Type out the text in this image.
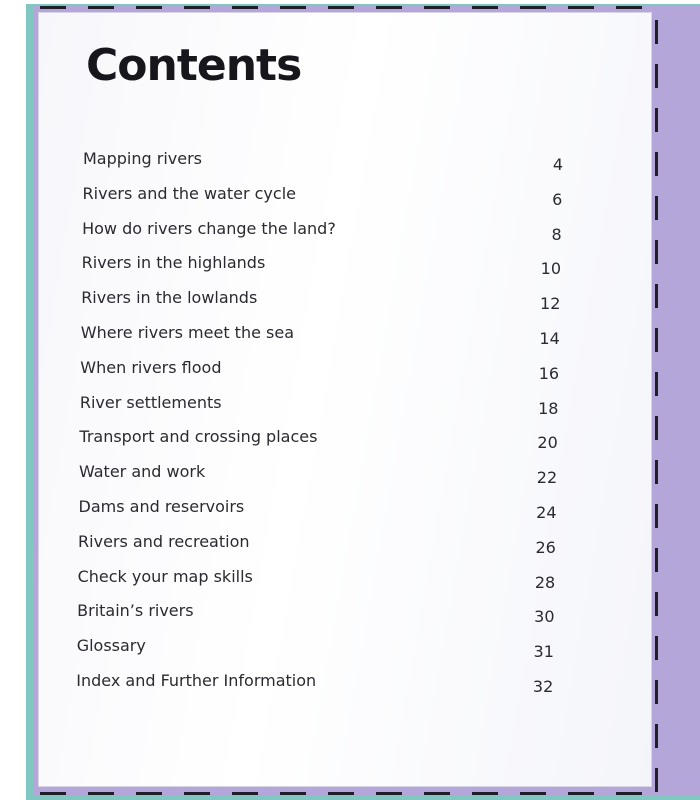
Contents
Mapping rivers	4
Rivers and the water cycle	6
How do rivers change the land?	8
Rivers in the highlands	10
Rivers in the lowlands	12
Where rivers meet the sea	14
When rivers flood	16
River settlements	18
Transport and crossing places	20
Water and work	22
Dams and reservoirs	24
Rivers and recreation	26
Check your map skills	28
Britain’s rivers	30
Glossary	31
Index and Further Information	32
